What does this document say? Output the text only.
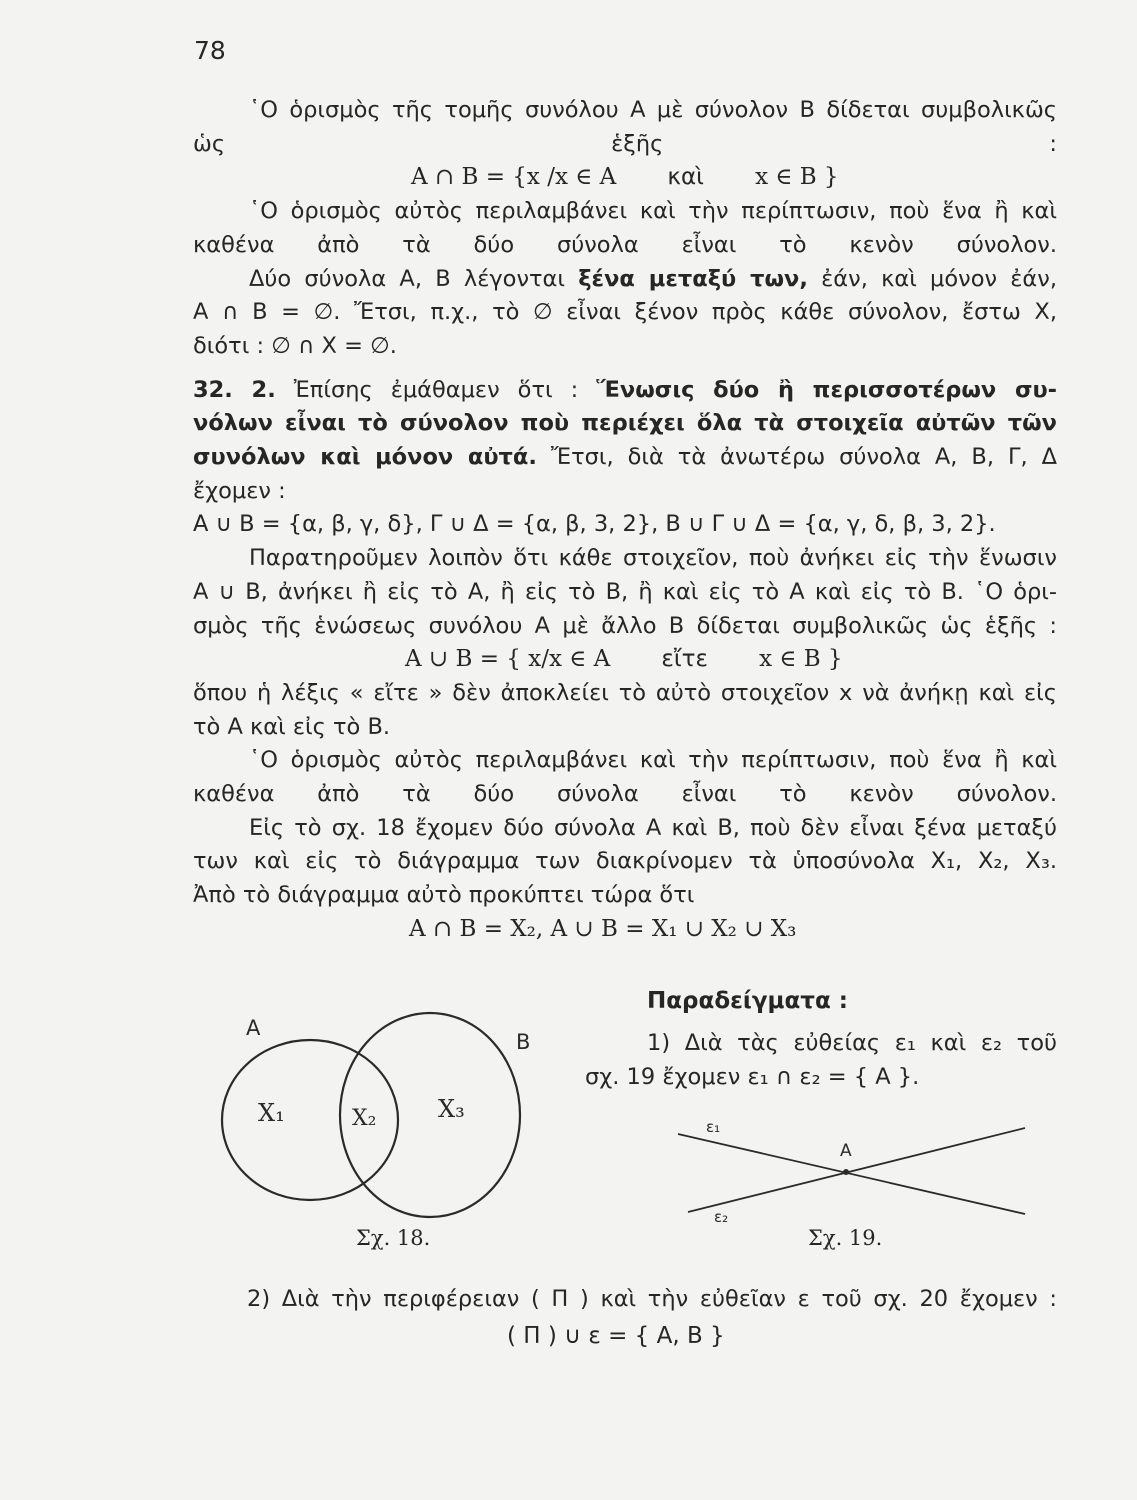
78
῾Ο ὁρισμὸς τῆς τομῆς συνόλου Α μὲ σύνολον Β δίδεται συμβολικῶς
ὡς ἑξῆς :
A ∩ B = {x /x ∈ A καὶ x ∈ B }
῾Ο ὁρισμὸς αὐτὸς περιλαμβάνει καὶ τὴν περίπτωσιν, ποὺ ἕνα ἢ καὶ
καθένα ἀπὸ τὰ δύο σύνολα εἶναι τὸ κενὸν σύνολον.
Δύο σύνολα Α, Β λέγονται ξένα μεταξύ των, ἐάν, καὶ μόνον ἐάν,
Α ∩ Β = ∅. Ἔτσι, π.χ., τὸ ∅ εἶναι ξένον πρὸς κάθε σύνολον, ἔστω Χ,
διότι : ∅ ∩ Χ = ∅.
32. 2. Ἐπίσης ἐμάθαμεν ὅτι : Ἕνωσις δύο ἢ περισσοτέρων συ-
νόλων εἶναι τὸ σύνολον ποὺ περιέχει ὅλα τὰ στοιχεῖα αὐτῶν τῶν
συνόλων καὶ μόνον αὐτά. Ἔτσι, διὰ τὰ ἀνωτέρω σύνολα Α, Β, Γ, Δ
ἔχομεν :
A ∪ B = {α, β, γ, δ}, Γ ∪ Δ = {α, β, 3, 2}, Β ∪ Γ ∪ Δ = {α, γ, δ, β, 3, 2}.
Παρατηροῦμεν λοιπὸν ὅτι κάθε στοιχεῖον, ποὺ ἀνήκει εἰς τὴν ἕνωσιν
Α ∪ Β, ἀνήκει ἢ εἰς τὸ Α, ἢ εἰς τὸ Β, ἢ καὶ εἰς τὸ Α καὶ εἰς τὸ Β. ῾Ο ὁρι-
σμὸς τῆς ἑνώσεως συνόλου Α μὲ ἄλλο Β δίδεται συμβολικῶς ὡς ἑξῆς :
A ∪ B = { x/x ∈ A εἴτε x ∈ B }
ὅπου ἡ λέξις « εἴτε » δὲν ἀποκλείει τὸ αὐτὸ στοιχεῖον x νὰ ἀνήκῃ καὶ εἰς
τὸ Α καὶ εἰς τὸ Β.
῾Ο ὁρισμὸς αὐτὸς περιλαμβάνει καὶ τὴν περίπτωσιν, ποὺ ἕνα ἢ καὶ
καθένα ἀπὸ τὰ δύο σύνολα εἶναι τὸ κενὸν σύνολον.
Εἰς τὸ σχ. 18 ἔχομεν δύο σύνολα Α καὶ Β, ποὺ δὲν εἶναι ξένα μεταξύ
των καὶ εἰς τὸ διάγραμμα των διακρίνομεν τὰ ὑποσύνολα X₁, X₂, X₃.
Ἀπὸ τὸ διάγραμμα αὐτὸ προκύπτει τώρα ὅτι
A ∩ B = X₂, A ∪ B = X₁ ∪ X₂ ∪ X₃
A
B
X₁	X₂	X₃
Σχ. 18.
Παραδείγματα :
1) Διὰ τὰς εὐθείας ε₁ καὶ ε₂ τοῦ
σχ. 19 ἔχομεν ε₁ ∩ ε₂ = { Α }.
ε₁
ε₂
A
Σχ. 19.
2) Διὰ τὴν περιφέρειαν ( Π ) καὶ τὴν εὐθεῖαν ε τοῦ σχ. 20 ἔχομεν :
( Π ) ∪ ε = { Α, Β }
